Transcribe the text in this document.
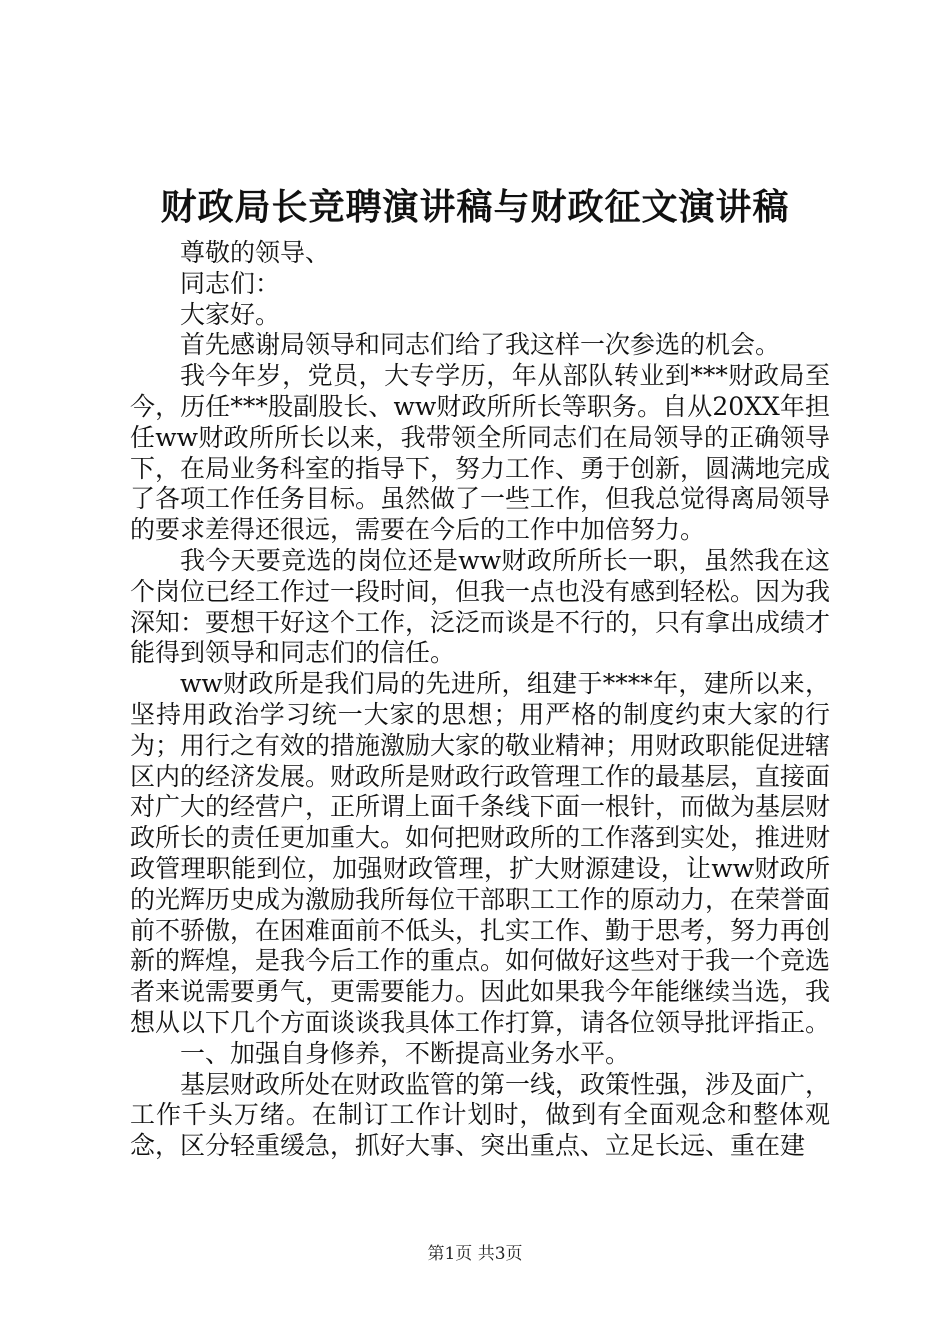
财政局长竞聘演讲稿与财政征文演讲稿

尊敬的领导、

同志们：

大家好。

首先感谢局领导和同志们给了我这样一次参选的机会。

我今年岁，党员，大专学历，年从部队转业到***财政局至今，历任***股副股长、ww财政所所长等职务。自从20XX年担任ww财政所所长以来，我带领全所同志们在局领导的正确领导下，在局业务科室的指导下，努力工作、勇于创新，圆满地完成了各项工作任务目标。虽然做了一些工作，但我总觉得离局领导的要求差得还很远，需要在今后的工作中加倍努力。

我今天要竞选的岗位还是ww财政所所长一职，虽然我在这个岗位已经工作过一段时间，但我一点也没有感到轻松。因为我深知：要想干好这个工作，泛泛而谈是不行的，只有拿出成绩才能得到领导和同志们的信任。

ww财政所是我们局的先进所，组建于****年，建所以来，坚持用政治学习统一大家的思想；用严格的制度约束大家的行为；用行之有效的措施激励大家的敬业精神；用财政职能促进辖区内的经济发展。财政所是财政行政管理工作的最基层，直接面对广大的经营户，正所谓上面千条线下面一根针，而做为基层财政所长的责任更加重大。如何把财政所的工作落到实处，推进财政管理职能到位，加强财政管理，扩大财源建设，让ww财政所的光辉历史成为激励我所每位干部职工工作的原动力，在荣誉面前不骄傲，在困难面前不低头，扎实工作、勤于思考，努力再创新的辉煌，是我今后工作的重点。如何做好这些对于我一个竞选者来说需要勇气，更需要能力。因此如果我今年能继续当选，我想从以下几个方面谈谈我具体工作打算，请各位领导批评指正。

一、加强自身修养，不断提高业务水平。

基层财政所处在财政监管的第一线，政策性强，涉及面广，工作千头万绪。在制订工作计划时，做到有全面观念和整体观念，区分轻重缓急，抓好大事、突出重点、立足长远、重在建

第1页 共3页
